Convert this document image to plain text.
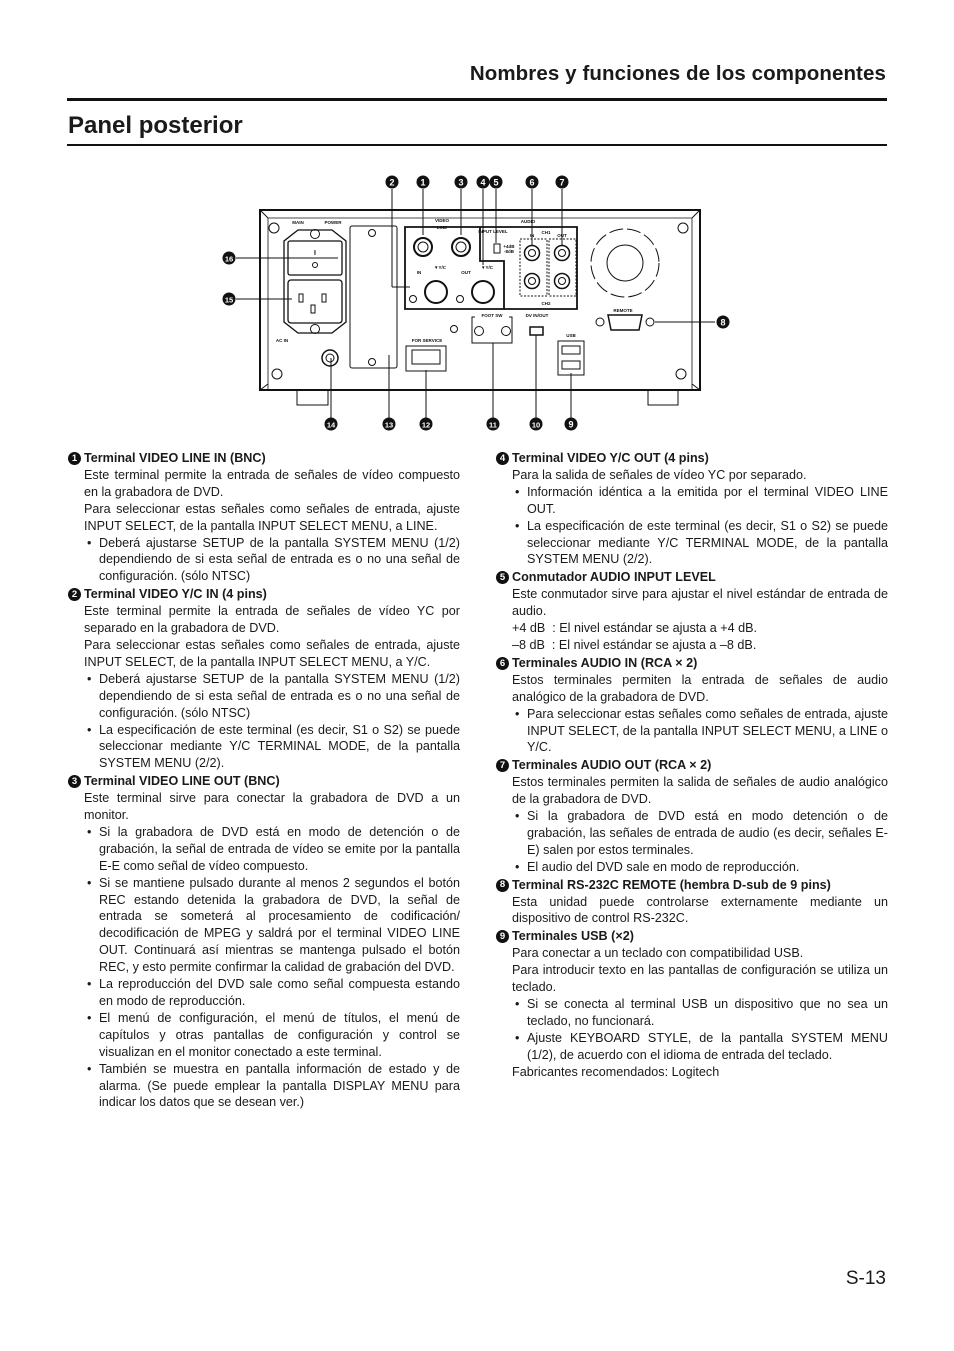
Nombres y funciones de los componentes
Panel posterior
2	1	3 4 5	6	7
16
15
8
14	13	12	11	10	9
MAIN	POWER
I
AC IN
VIDEO
LINE
IN
▼Y/C
OUT
▼Y/C
INPUT LEVEL
+4dB
-8dB
AUDIO
CH1
CH2
IN	OUT
FOOT SW	DV IN/OUT
USB
REMOTE
FOR SERVICE
1 Terminal VIDEO LINE IN (BNC)
Este terminal permite la entrada de señales de vídeo compuesto en la grabadora de DVD.
Para seleccionar estas señales como señales de entrada, ajuste INPUT SELECT, de la pantalla INPUT SELECT MENU, a LINE.
• Deberá ajustarse SETUP de la pantalla SYSTEM MENU (1/2) dependiendo de si esta señal de entrada es o no una señal de configuración. (sólo NTSC)
2 Terminal VIDEO Y/C IN (4 pins)
Este terminal permite la entrada de señales de vídeo YC por separado en la grabadora de DVD.
Para seleccionar estas señales como señales de entrada, ajuste INPUT SELECT, de la pantalla INPUT SELECT MENU, a Y/C.
• Deberá ajustarse SETUP de la pantalla SYSTEM MENU (1/2) dependiendo de si esta señal de entrada es o no una señal de configuración. (sólo NTSC)
• La especificación de este terminal (es decir, S1 o S2) se puede seleccionar mediante Y/C TERMINAL MODE, de la pantalla SYSTEM MENU (2/2).
3 Terminal VIDEO LINE OUT (BNC)
Este terminal sirve para conectar la grabadora de DVD a un monitor.
• Si la grabadora de DVD está en modo de detención o de grabación, la señal de entrada de vídeo se emite por la pantalla E-E como señal de vídeo compuesto.
• Si se mantiene pulsado durante al menos 2 segundos el botón REC estando detenida la grabadora de DVD, la señal de entrada se someterá al procesamiento de codificación/ decodificación de MPEG y saldrá por el terminal VIDEO LINE OUT. Continuará así mientras se mantenga pulsado el botón REC, y esto permite confirmar la calidad de grabación del DVD.
• La reproducción del DVD sale como señal compuesta estando en modo de reproducción.
• El menú de configuración, el menú de títulos, el menú de capítulos y otras pantallas de configuración y control se visualizan en el monitor conectado a este terminal.
• También se muestra en pantalla información de estado y de alarma. (Se puede emplear la pantalla DISPLAY MENU para indicar los datos que se desean ver.)
4 Terminal VIDEO Y/C OUT (4 pins)
Para la salida de señales de vídeo YC por separado.
• Información idéntica a la emitida por el terminal VIDEO LINE OUT.
• La especificación de este terminal (es decir, S1 o S2) se puede seleccionar mediante Y/C TERMINAL MODE, de la pantalla SYSTEM MENU (2/2).
5 Conmutador AUDIO INPUT LEVEL
Este conmutador sirve para ajustar el nivel estándar de entrada de audio.
+4 dB  : El nivel estándar se ajusta a +4 dB.
–8 dB  : El nivel estándar se ajusta a –8 dB.
6 Terminales AUDIO IN (RCA × 2)
Estos terminales permiten la entrada de señales de audio analógico de la grabadora de DVD.
• Para seleccionar estas señales como señales de entrada, ajuste INPUT SELECT, de la pantalla INPUT SELECT MENU, a LINE o Y/C.
7 Terminales AUDIO OUT (RCA × 2)
Estos terminales permiten la salida de señales de audio analógico de la grabadora de DVD.
• Si la grabadora de DVD está en modo detención o de grabación, las señales de entrada de audio (es decir, señales E-E) salen por estos terminales.
• El audio del DVD sale en modo de reproducción.
8 Terminal RS-232C REMOTE (hembra D-sub de 9 pins)
Esta unidad puede controlarse externamente mediante un dispositivo de control RS-232C.
9 Terminales USB (×2)
Para conectar a un teclado con compatibilidad USB.
Para introducir texto en las pantallas de configuración se utiliza un teclado.
• Si se conecta al terminal USB un dispositivo que no sea un teclado, no funcionará.
• Ajuste KEYBOARD STYLE, de la pantalla SYSTEM MENU (1/2), de acuerdo con el idioma de entrada del teclado.
Fabricantes recomendados: Logitech
S-13
